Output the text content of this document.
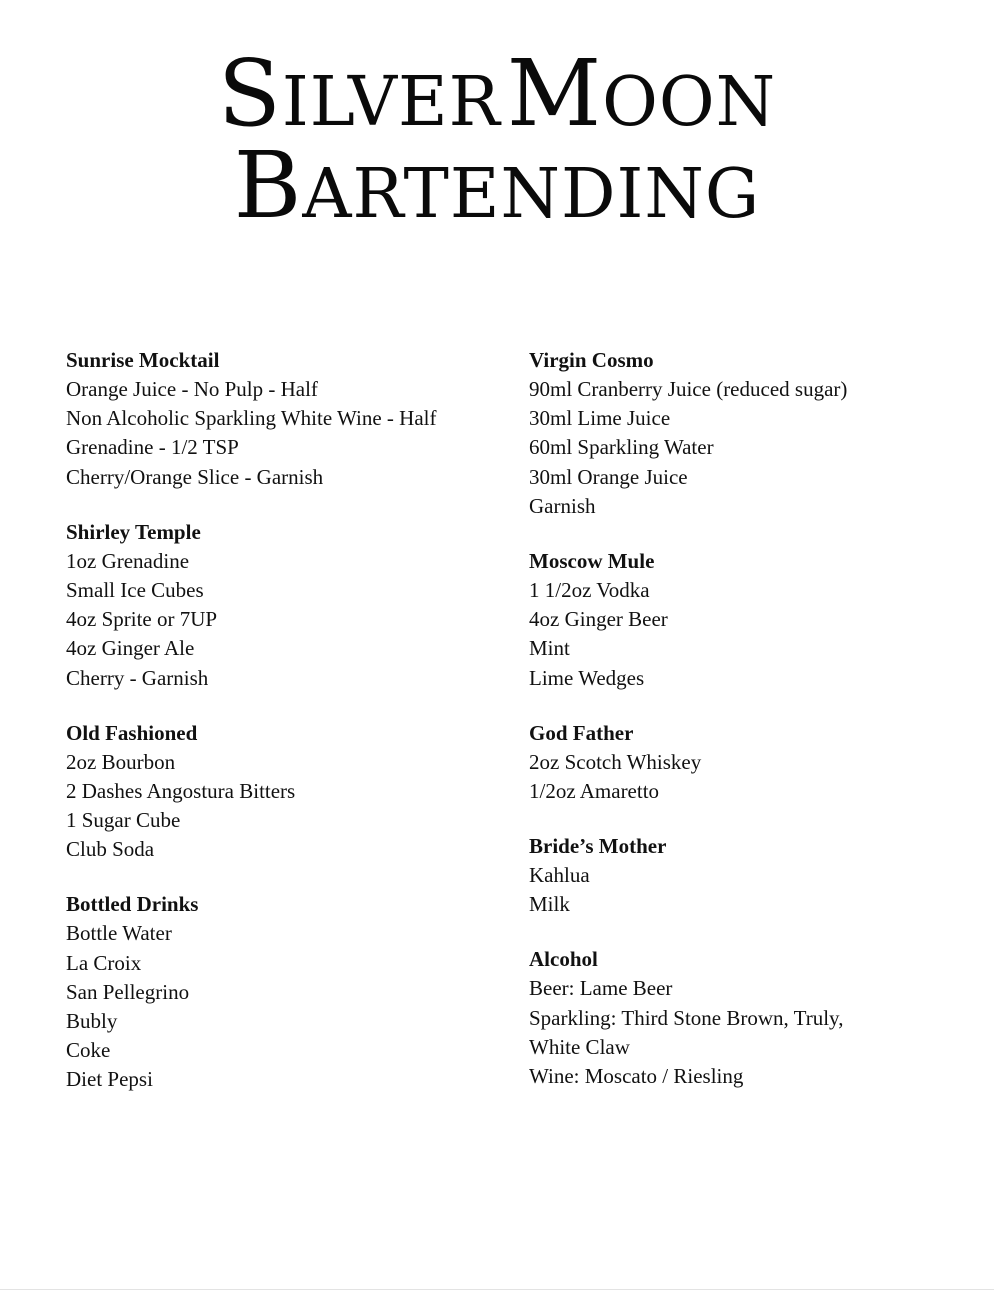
SILVER MOON
BARTENDING
Sunrise Mocktail
Orange Juice - No Pulp - Half
Non Alcoholic Sparkling White Wine - Half
Grenadine - 1/2 TSP
Cherry/Orange Slice - Garnish
Shirley Temple
1oz Grenadine
Small Ice Cubes
4oz Sprite or 7UP
4oz Ginger Ale
Cherry - Garnish
Old Fashioned
2oz Bourbon
2 Dashes Angostura Bitters
1 Sugar Cube
Club Soda
Bottled Drinks
Bottle Water
La Croix
San Pellegrino
Bubly
Coke
Diet Pepsi
Virgin Cosmo
90ml Cranberry Juice (reduced sugar)
30ml Lime Juice
60ml Sparkling Water
30ml Orange Juice
Garnish
Moscow Mule
1 1/2oz Vodka
4oz Ginger Beer
Mint
Lime Wedges
God Father
2oz Scotch Whiskey
1/2oz Amaretto
Bride’s Mother
Kahlua
Milk
Alcohol
Beer: Lame Beer
Sparkling: Third Stone Brown, Truly,
White Claw
Wine: Moscato / Riesling
